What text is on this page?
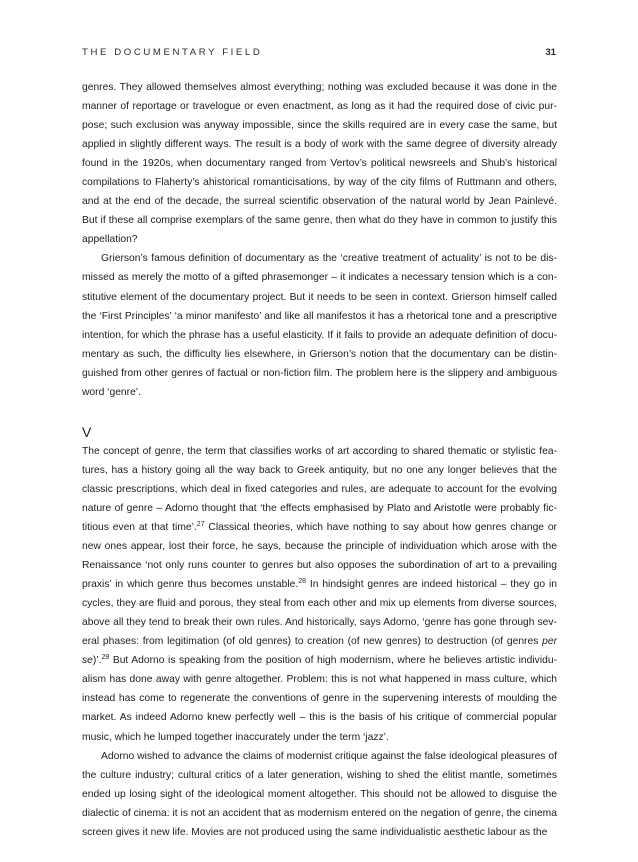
THE DOCUMENTARY FIELD	31

genres. They allowed themselves almost everything; nothing was excluded because it was done in the manner of reportage or travelogue or even enactment, as long as it had the required dose of civic purpose; such exclusion was anyway impossible, since the skills required are in every case the same, but applied in slightly different ways. The result is a body of work with the same degree of diversity already found in the 1920s, when documentary ranged from Vertov’s political newsreels and Shub’s historical compilations to Flaherty’s ahistorical romanticisations, by way of the city films of Ruttmann and others, and at the end of the decade, the surreal scientific observation of the natural world by Jean Painlevé. But if these all comprise exemplars of the same genre, then what do they have in common to justify this appellation?

Grierson’s famous definition of documentary as the ‘creative treatment of actuality’ is not to be dismissed as merely the motto of a gifted phrasemonger – it indicates a necessary tension which is a constitutive element of the documentary project. But it needs to be seen in context. Grierson himself called the ‘First Principles’ ‘a minor manifesto’ and like all manifestos it has a rhetorical tone and a prescriptive intention, for which the phrase has a useful elasticity. If it fails to provide an adequate definition of documentary as such, the difficulty lies elsewhere, in Grierson’s notion that the documentary can be distinguished from other genres of factual or non-fiction film. The problem here is the slippery and ambiguous word ‘genre’.

V

The concept of genre, the term that classifies works of art according to shared thematic or stylistic features, has a history going all the way back to Greek antiquity, but no one any longer believes that the classic prescriptions, which deal in fixed categories and rules, are adequate to account for the evolving nature of genre – Adorno thought that ‘the effects emphasised by Plato and Aristotle were probably fictitious even at that time’.$^{27}$ Classical theories, which have nothing to say about how genres change or new ones appear, lost their force, he says, because the principle of individuation which arose with the Renaissance ‘not only runs counter to genres but also opposes the subordination of art to a prevailing praxis’ in which genre thus becomes unstable.$^{28}$ In hindsight genres are indeed historical – they go in cycles, they are fluid and porous, they steal from each other and mix up elements from diverse sources, above all they tend to break their own rules. And historically, says Adorno, ‘genre has gone through several phases: from legitimation (of old genres) to creation (of new genres) to destruction (of genres per se)’.$^{29}$ But Adorno is speaking from the position of high modernism, where he believes artistic individualism has done away with genre altogether. Problem: this is not what happened in mass culture, which instead has come to regenerate the conventions of genre in the supervening interests of moulding the market. As indeed Adorno knew perfectly well – this is the basis of his critique of commercial popular music, which he lumped together inaccurately under the term ‘jazz’.

Adorno wished to advance the claims of modernist critique against the false ideological pleasures of the culture industry; cultural critics of a later generation, wishing to shed the elitist mantle, sometimes ended up losing sight of the ideological moment altogether. This should not be allowed to disguise the dialectic of cinema: it is not an accident that as modernism entered on the negation of genre, the cinema screen gives it new life. Movies are not produced using the same individualistic aesthetic labour as the
